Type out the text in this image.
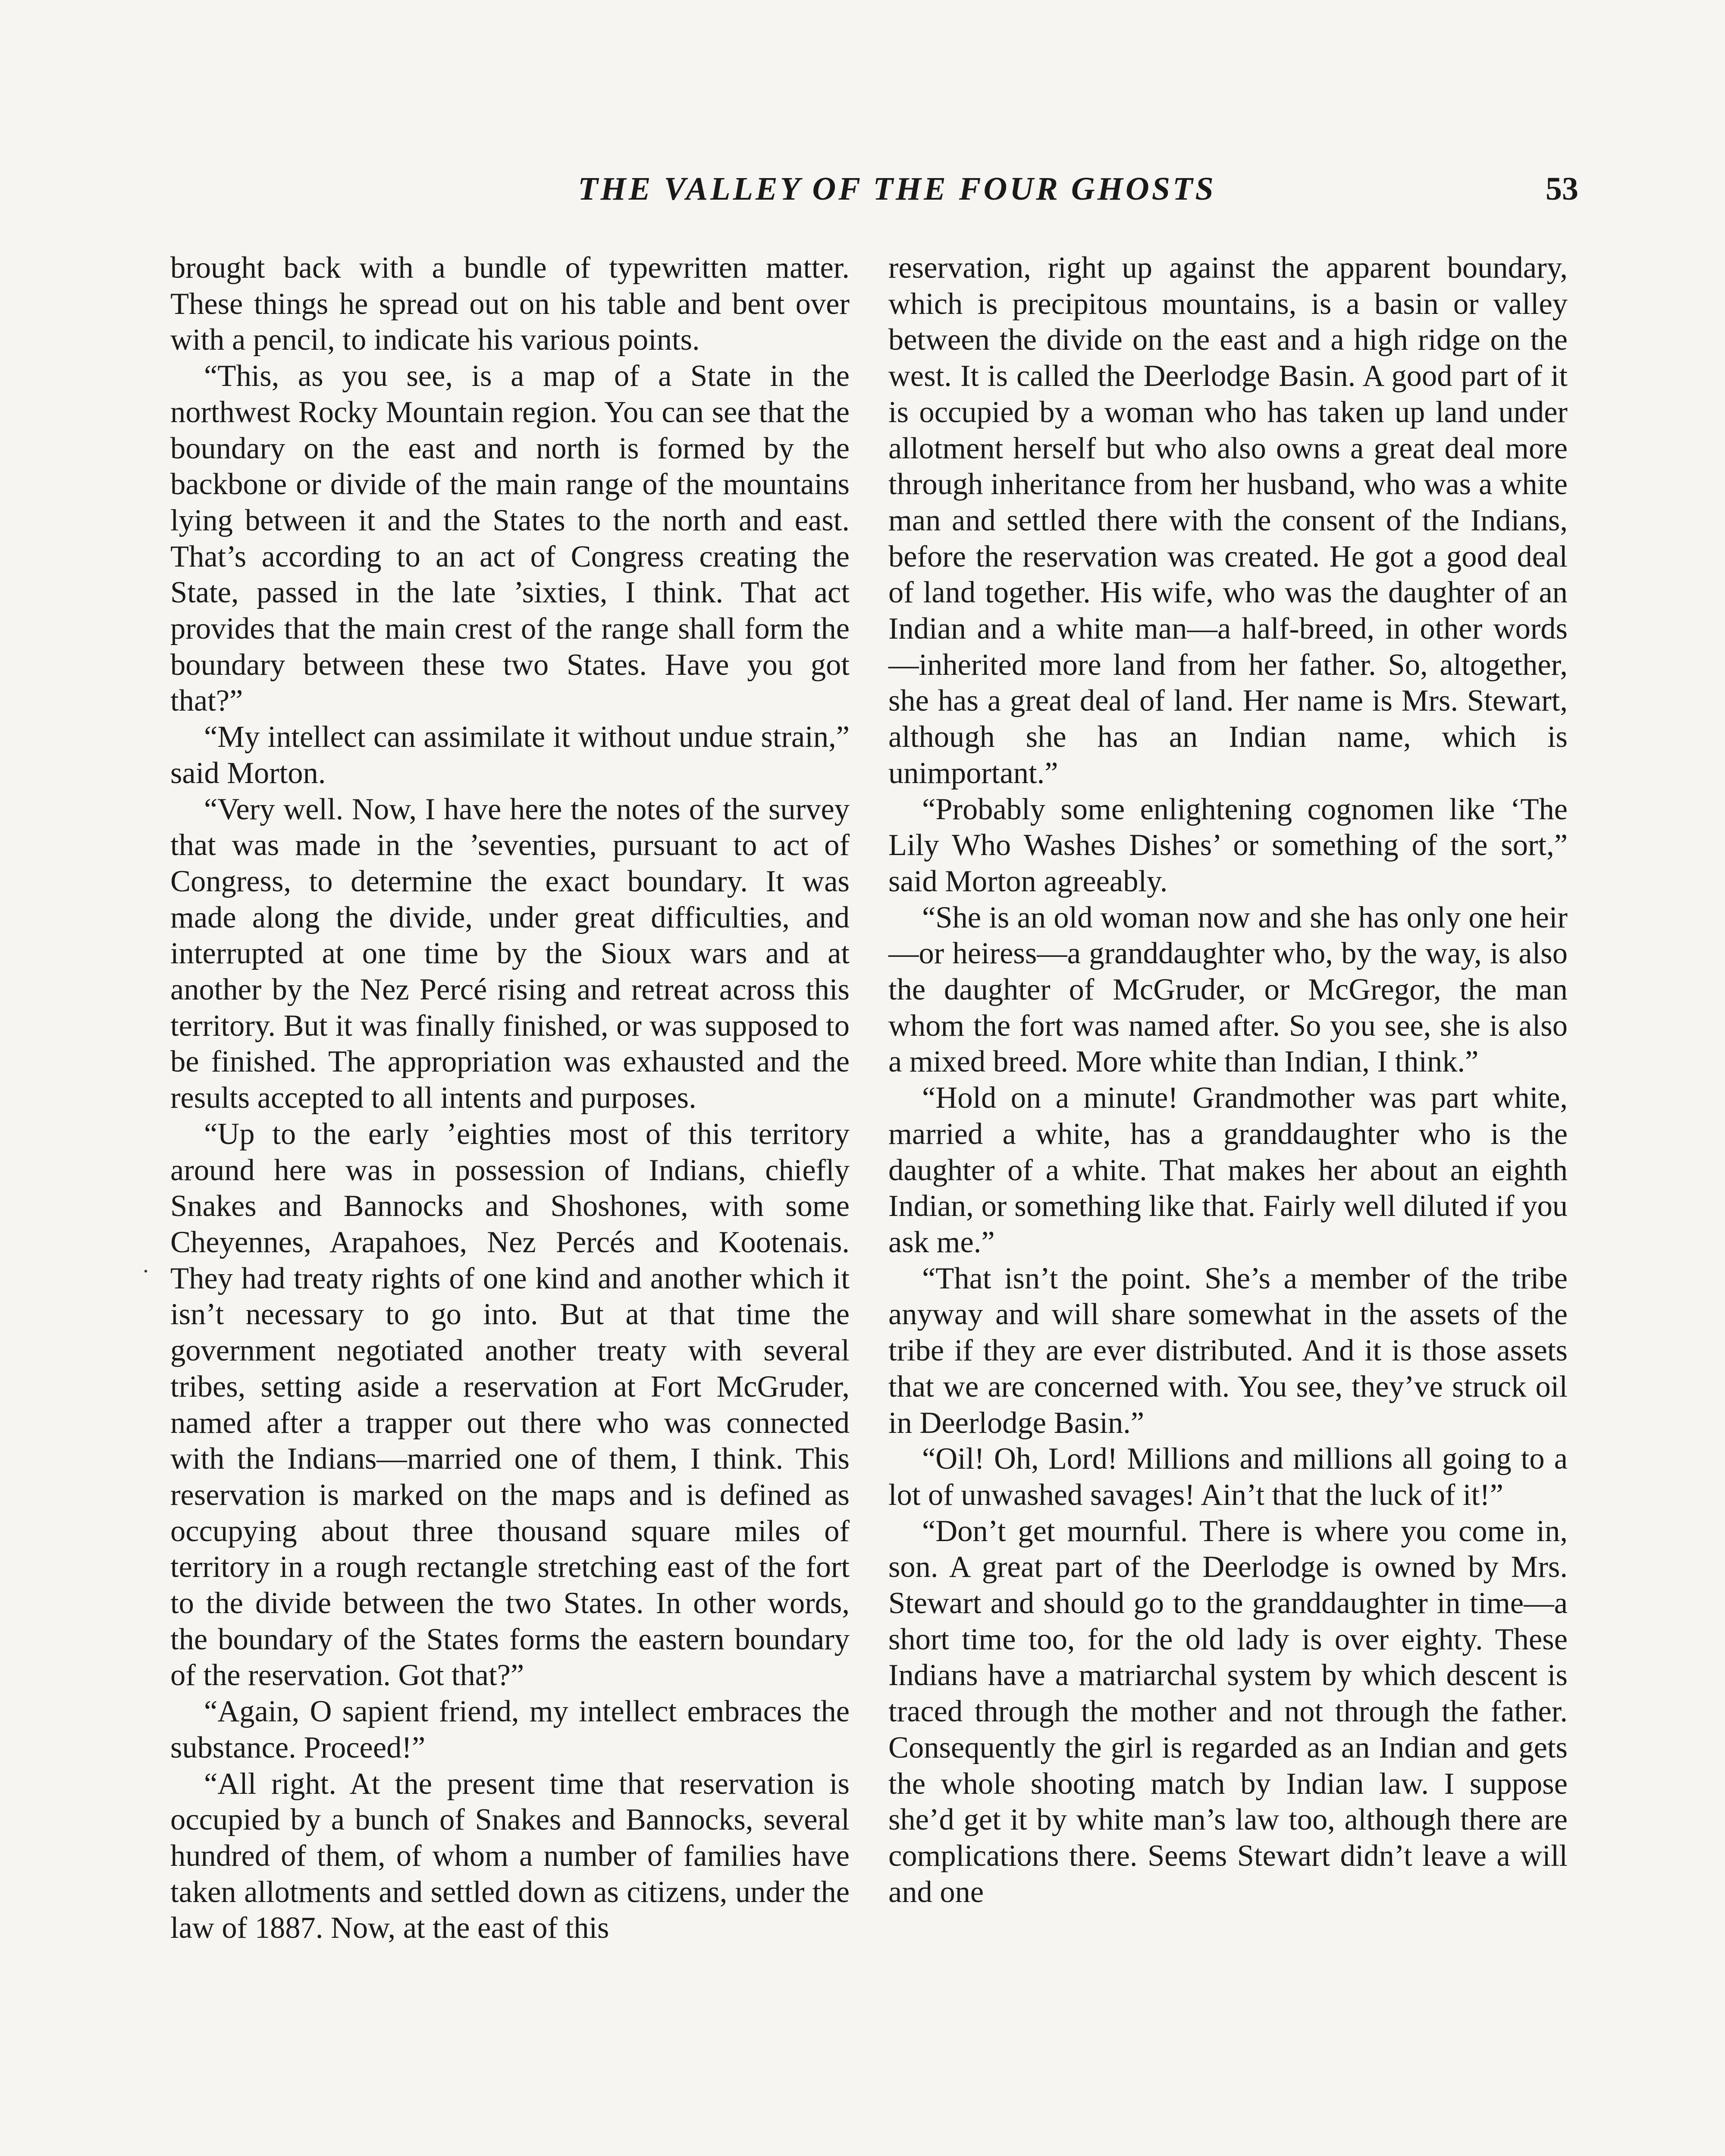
THE VALLEY OF THE FOUR GHOSTS	53

brought back with a bundle of typewritten matter. These things he spread out on his table and bent over with a pencil, to indicate his various points.

“This, as you see, is a map of a State in the northwest Rocky Mountain region. You can see that the boundary on the east and north is formed by the backbone or divide of the main range of the mountains lying between it and the States to the north and east. That’s according to an act of Congress creating the State, passed in the late ’sixties, I think. That act provides that the main crest of the range shall form the boundary between these two States. Have you got that?”

“My intellect can assimilate it without undue strain,” said Morton.

“Very well. Now, I have here the notes of the survey that was made in the ’seventies, pursuant to act of Congress, to determine the exact boundary. It was made along the divide, under great difficulties, and interrupted at one time by the Sioux wars and at another by the Nez Percé rising and retreat across this territory. But it was finally finished, or was supposed to be finished. The appropriation was exhausted and the results accepted to all intents and purposes.

“Up to the early ’eighties most of this territory around here was in possession of Indians, chiefly Snakes and Bannocks and Shoshones, with some Cheyennes, Arapahoes, Nez Percés and Kootenais. They had treaty rights of one kind and another which it isn’t necessary to go into. But at that time the government negotiated another treaty with several tribes, setting aside a reservation at Fort McGruder, named after a trapper out there who was connected with the Indians—married one of them, I think. This reservation is marked on the maps and is defined as occupying about three thousand square miles of territory in a rough rectangle stretching east of the fort to the divide between the two States. In other words, the boundary of the States forms the eastern boundary of the reservation. Got that?”

“Again, O sapient friend, my intellect embraces the substance. Proceed!”

“All right. At the present time that reservation is occupied by a bunch of Snakes and Bannocks, several hundred of them, of whom a number of families have taken allotments and settled down as citizens, under the law of 1887. Now, at the east of this

reservation, right up against the apparent boundary, which is precipitous mountains, is a basin or valley between the divide on the east and a high ridge on the west. It is called the Deerlodge Basin. A good part of it is occupied by a woman who has taken up land under allotment herself but who also owns a great deal more through inheritance from her husband, who was a white man and settled there with the consent of the Indians, before the reservation was created. He got a good deal of land together. His wife, who was the daughter of an Indian and a white man—a half-breed, in other words—inherited more land from her father. So, altogether, she has a great deal of land. Her name is Mrs. Stewart, although she has an Indian name, which is unimportant.”

“Probably some enlightening cognomen like ‘The Lily Who Washes Dishes’ or something of the sort,” said Morton agreeably.

“She is an old woman now and she has only one heir—or heiress—a granddaughter who, by the way, is also the daughter of McGruder, or McGregor, the man whom the fort was named after. So you see, she is also a mixed breed. More white than Indian, I think.”

“Hold on a minute! Grandmother was part white, married a white, has a granddaughter who is the daughter of a white. That makes her about an eighth Indian, or something like that. Fairly well diluted if you ask me.”

“That isn’t the point. She’s a member of the tribe anyway and will share somewhat in the assets of the tribe if they are ever distributed. And it is those assets that we are concerned with. You see, they’ve struck oil in Deerlodge Basin.”

“Oil! Oh, Lord! Millions and millions all going to a lot of unwashed savages! Ain’t that the luck of it!”

“Don’t get mournful. There is where you come in, son. A great part of the Deerlodge is owned by Mrs. Stewart and should go to the granddaughter in time—a short time too, for the old lady is over eighty. These Indians have a matriarchal system by which descent is traced through the mother and not through the father. Consequently the girl is regarded as an Indian and gets the whole shooting match by Indian law. I suppose she’d get it by white man’s law too, although there are complications there. Seems Stewart didn’t leave a will and one
